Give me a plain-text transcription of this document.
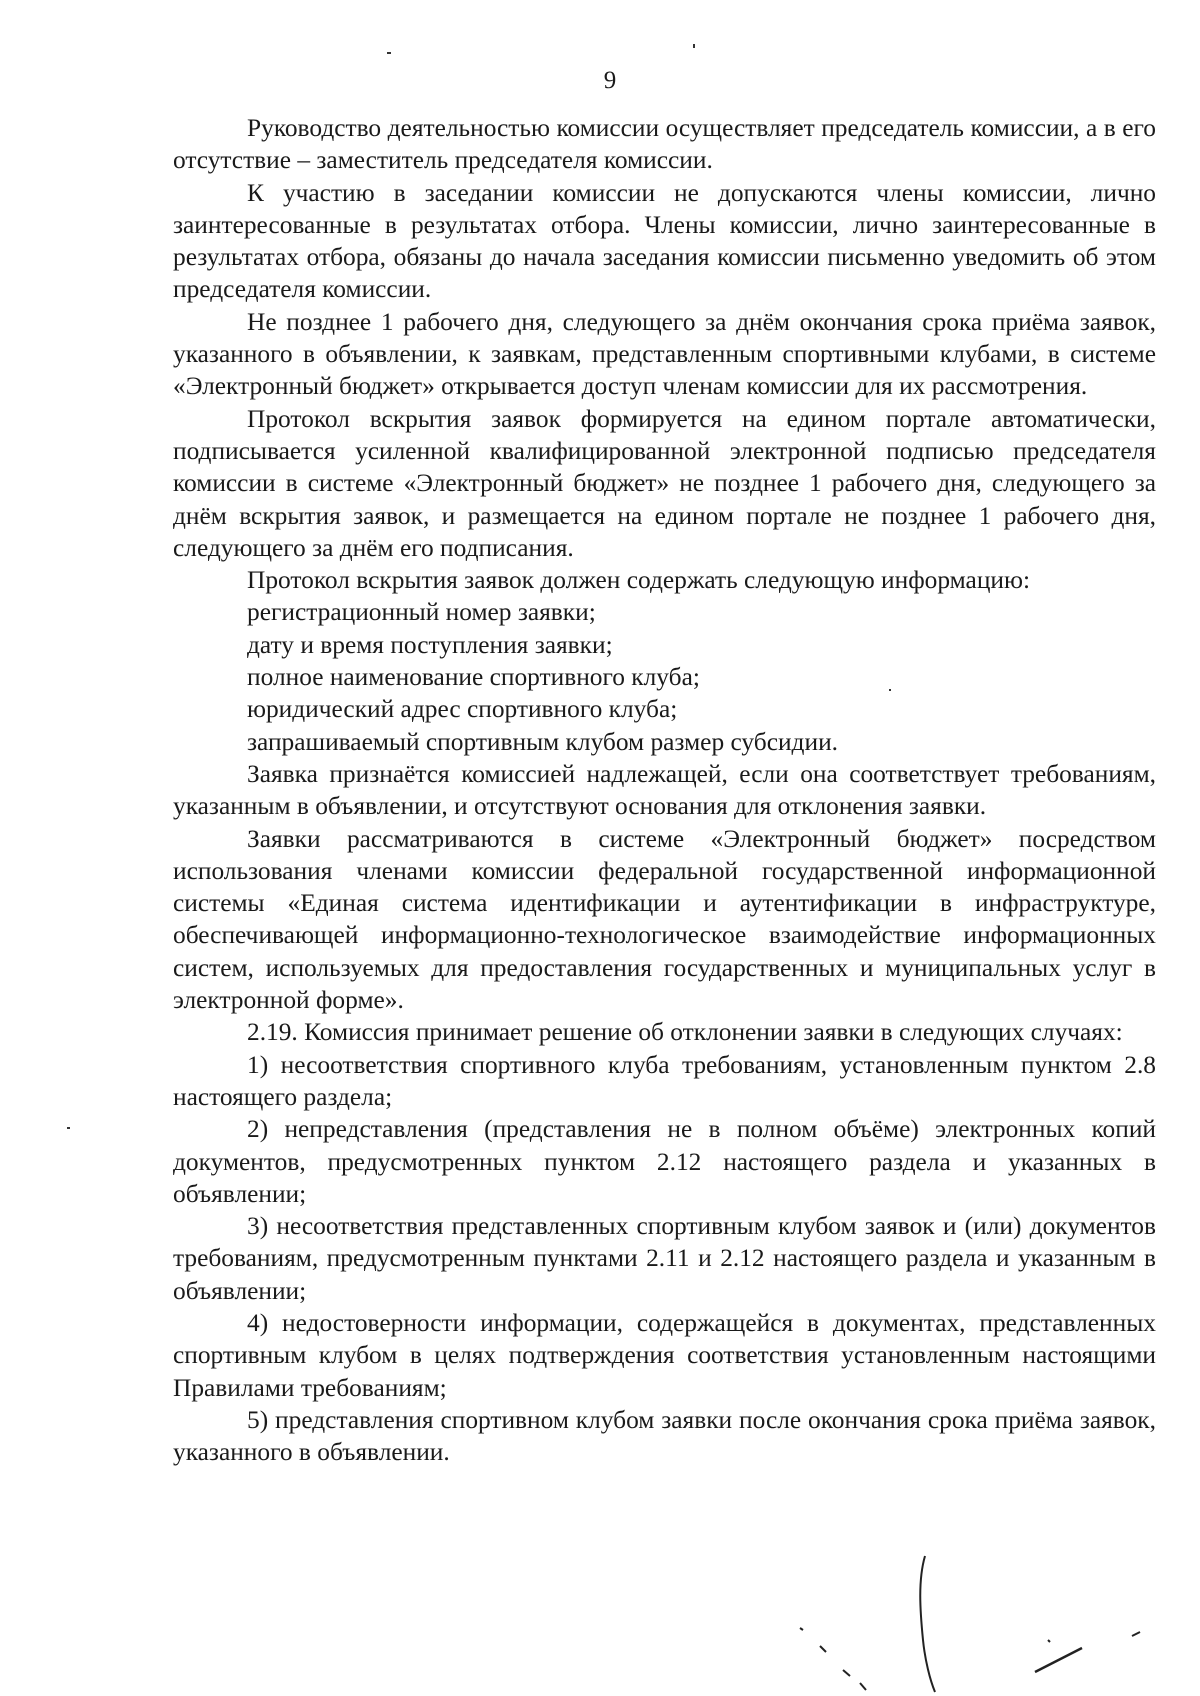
9

Руководство деятельностью комиссии осуществляет председатель комиссии, а в его отсутствие – заместитель председателя комиссии.

К участию в заседании комиссии не допускаются члены комиссии, лично заинтересованные в результатах отбора. Члены комиссии, лично заинтересованные в результатах отбора, обязаны до начала заседания комиссии письменно уведомить об этом председателя комиссии.

Не позднее 1 рабочего дня, следующего за днём окончания срока приёма заявок, указанного в объявлении, к заявкам, представленным спортивными клубами, в системе «Электронный бюджет» открывается доступ членам комиссии для их рассмотрения.

Протокол вскрытия заявок формируется на едином портале автоматически, подписывается усиленной квалифицированной электронной подписью председателя комиссии в системе «Электронный бюджет» не позднее 1 рабочего дня, следующего за днём вскрытия заявок, и размещается на едином портале не позднее 1 рабочего дня, следующего за днём его подписания.

Протокол вскрытия заявок должен содержать следующую информацию:

регистрационный номер заявки;

дату и время поступления заявки;

полное наименование спортивного клуба;

юридический адрес спортивного клуба;

запрашиваемый спортивным клубом размер субсидии.

Заявка признаётся комиссией надлежащей, если она соответствует требованиям, указанным в объявлении, и отсутствуют основания для отклонения заявки.

Заявки рассматриваются в системе «Электронный бюджет» посредством использования членами комиссии федеральной государственной информационной системы «Единая система идентификации и аутентификации в инфраструктуре, обеспечивающей информационно-технологическое взаимодействие информационных систем, используемых для предоставления государственных и муниципальных услуг в электронной форме».

2.19. Комиссия принимает решение об отклонении заявки в следующих случаях:

1) несоответствия спортивного клуба требованиям, установленным пунктом 2.8 настоящего раздела;

2) непредставления (представления не в полном объёме) электронных копий документов, предусмотренных пунктом 2.12 настоящего раздела и указанных в объявлении;

3) несоответствия представленных спортивным клубом заявок и (или) документов требованиям, предусмотренным пунктами 2.11 и 2.12 настоящего раздела и указанным в объявлении;

4) недостоверности информации, содержащейся в документах, представленных спортивным клубом в целях подтверждения соответствия установленным настоящими Правилами требованиям;

5) представления спортивном клубом заявки после окончания срока приёма заявок, указанного в объявлении.
